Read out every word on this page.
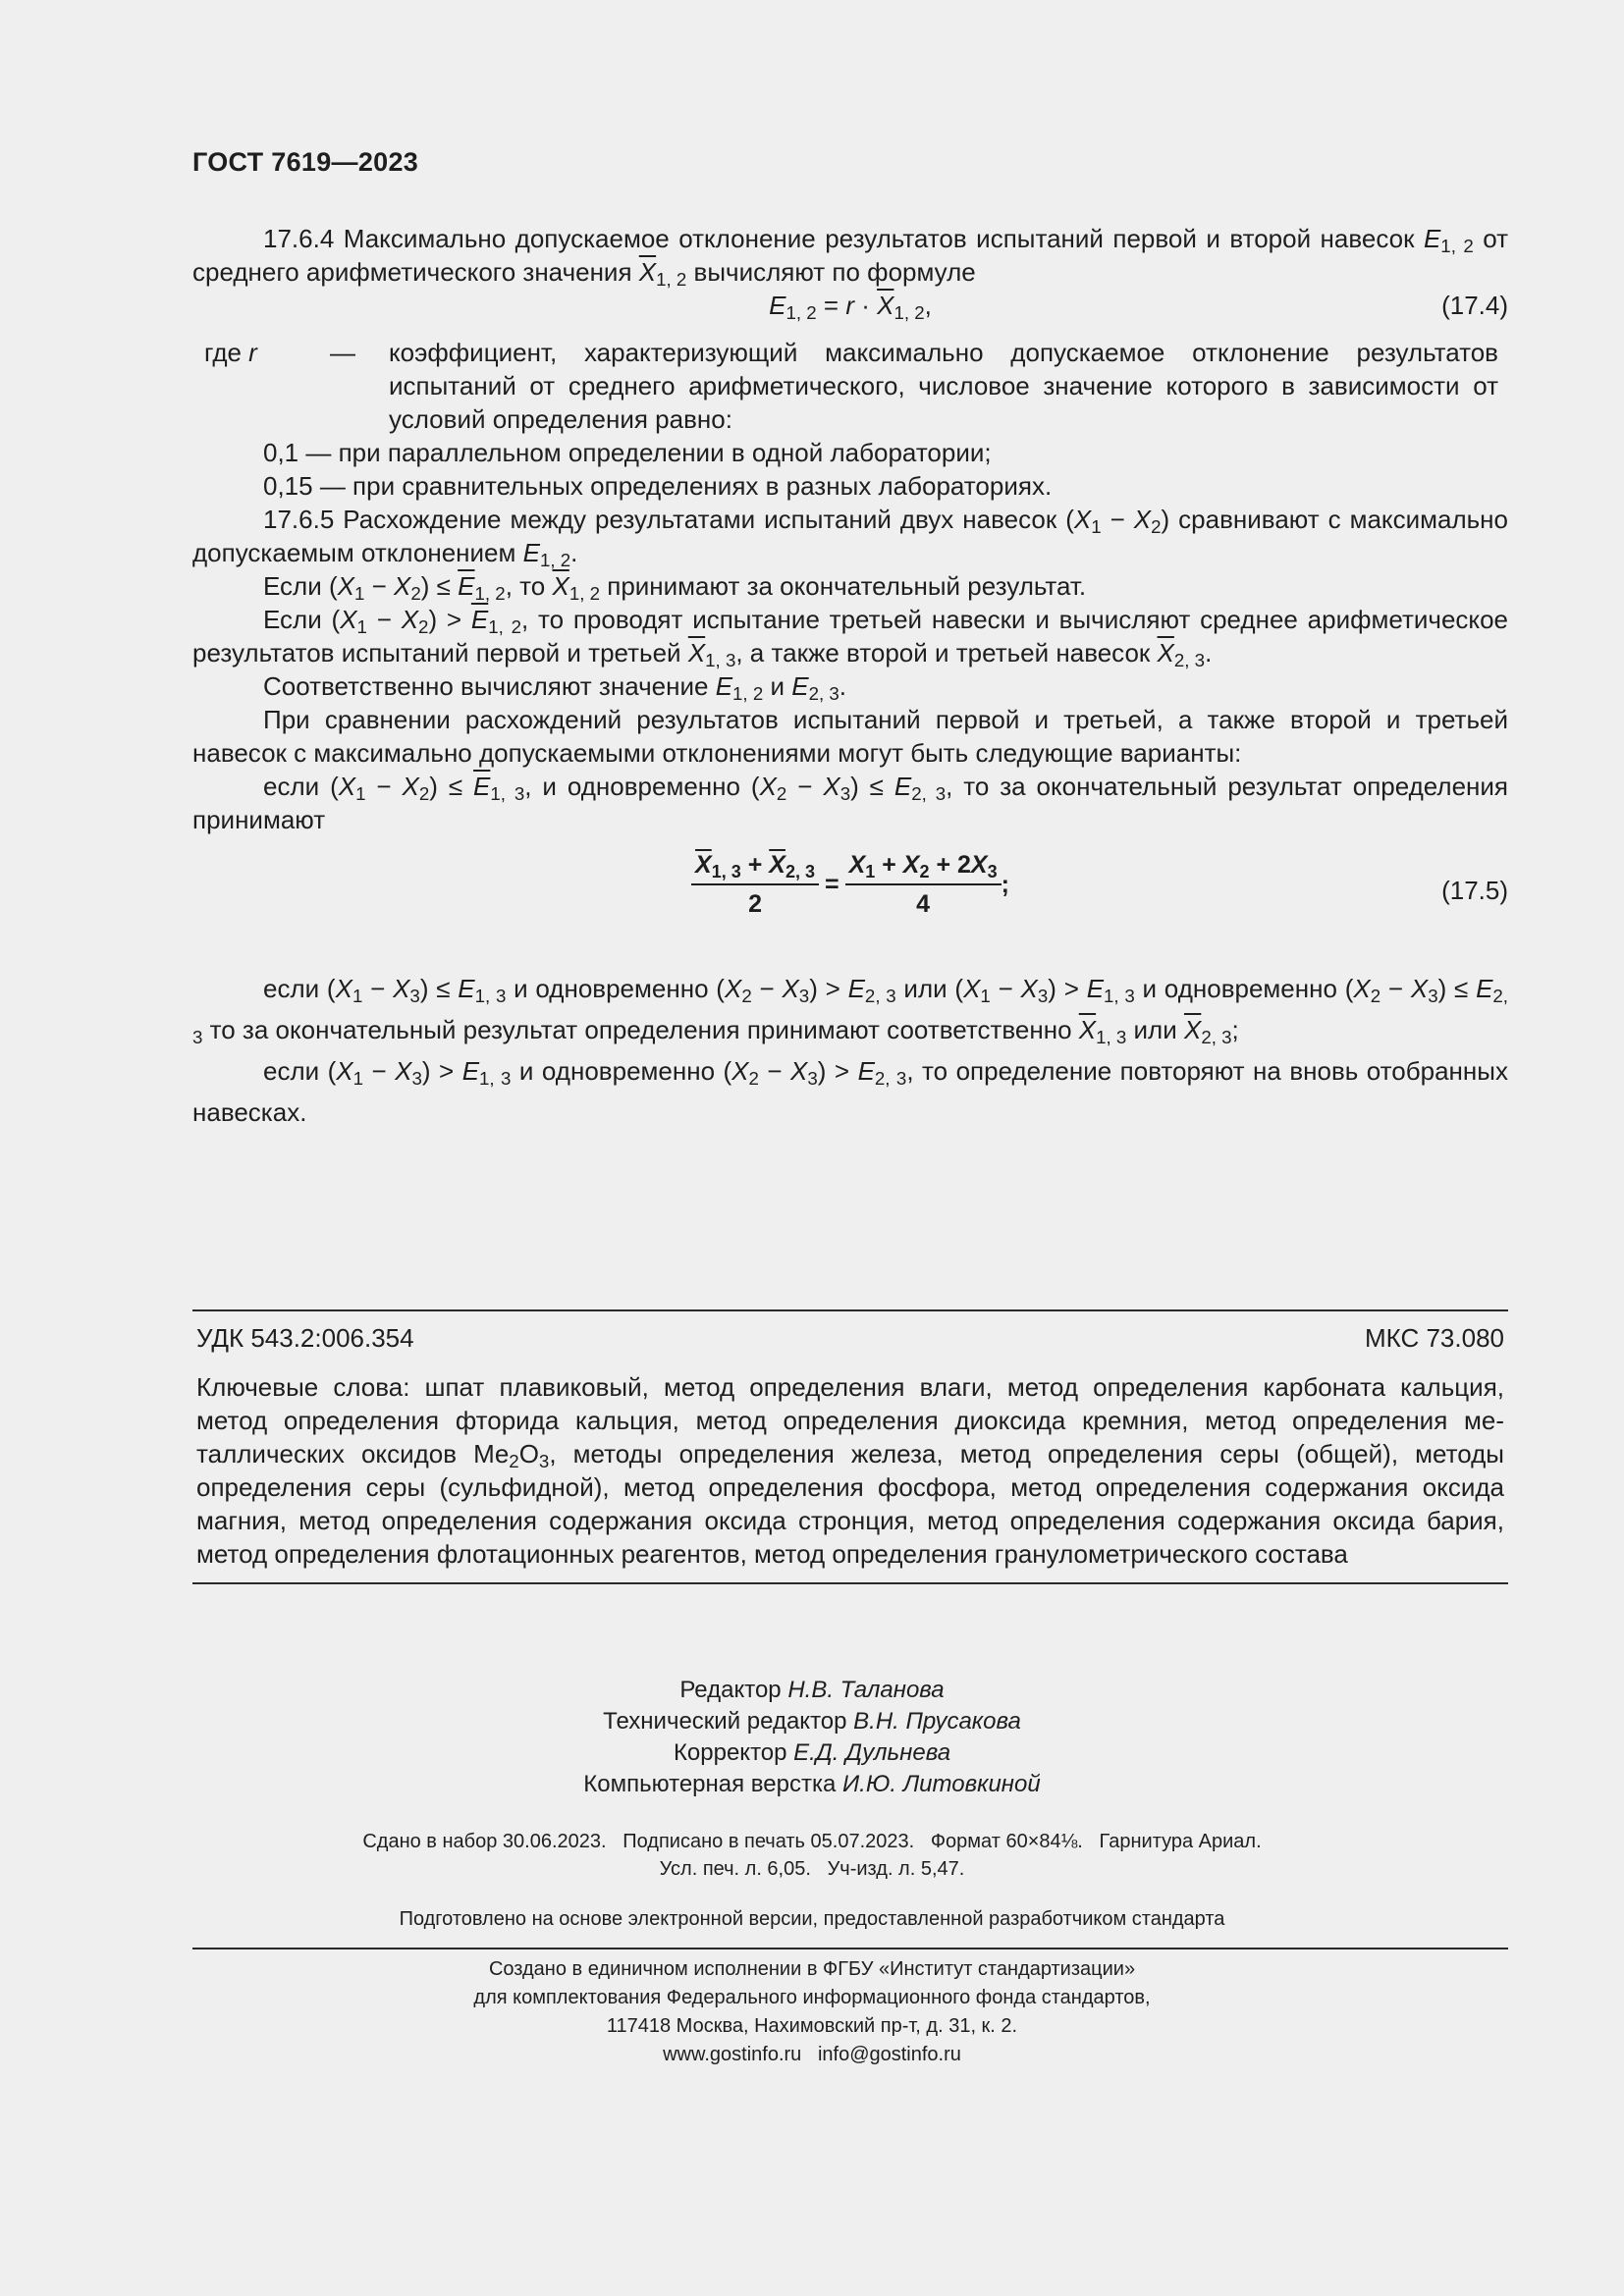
ГОСТ 7619—2023

17.6.4 Максимально допускаемое отклонение результатов испытаний первой и второй навесок $E_{1, 2}$ от среднего арифметического значения $\overline{X}_{1, 2}$ вычисляют по формуле

$E_{1, 2} = r \cdot \overline{X}_{1, 2}$,	(17.4)
где r	—	коэффициент, характеризующий максимально допускаемое отклонение результатов испытаний от среднего арифметического, числовое значение которого в зависимости от условий определения равно:

0,1 — при параллельном определении в одной лаборатории;

0,15 — при сравнительных определениях в разных лабораториях.

17.6.5 Расхождение между результатами испытаний двух навесок $(X_1 - X_2)$ сравнивают с максимально допускаемым отклонением $E_{1, 2}$.

Если $(X_1 - X_2) \le \overline{E}_{1, 2}$, то $\overline{X}_{1, 2}$ принимают за окончательный результат.

Если $(X_1 - X_2) > \overline{E}_{1, 2}$, то проводят испытание третьей навески и вычисляют среднее арифметическое результатов испытаний первой и третьей $\overline{X}_{1, 3}$, а также второй и третьей навесок $\overline{X}_{2, 3}$.

Соответственно вычисляют значение $E_{1, 2}$ и $E_{2, 3}$.

При сравнении расхождений результатов испытаний первой и третьей, а также второй и третьей навесок с максимально допускаемыми отклонениями могут быть следующие варианты:

если $(X_1 - X_2) \le \overline{E}_{1, 3}$, и одновременно $(X_2 - X_3) \le E_{2, 3}$, то за окончательный результат определения принимают

$\frac{\overline{X}_{1, 3} + \overline{X}_{2, 3}}{2} = \frac{X_1 + X_2 + 2X_3}{4}$ ;	(17.5)

если $(X_1 - X_3) \le E_{1, 3}$ и одновременно $(X_2 - X_3) > E_{2, 3}$ или $(X_1 - X_3) > E_{1, 3}$ и одновременно $(X_2 - X_3) \le E_{2, 3}$ то за окончательный результат определения принимают соответственно $\overline{X}_{1, 3}$ или $\overline{X}_{2, 3}$;

если $(X_1 - X_3) > E_{1, 3}$ и одновременно $(X_2 - X_3) > E_{2, 3}$, то определение повторяют на вновь отобранных навесках.

УДК 543.2:006.354	МКС 73.080
Ключевые слова: шпат плавиковый, метод определения влаги, метод определения карбоната кальция, метод определения фторида кальция, метод определения диоксида кремния, метод определения металлических оксидов $Me_2O_3$, методы определения железа, метод определения серы (общей), методы определения серы (сульфидной), метод определения фосфора, метод определения содержания оксида магния, метод определения содержания оксида стронция, метод определения содержания оксида бария, метод определения флотационных реагентов, метод определения гранулометрического состава
Редактор Н.В. Таланова
Технический редактор В.Н. Прусакова
Корректор Е.Д. Дульнева
Компьютерная верстка И.Ю. Литовкиной
Сдано в набор 30.06.2023.   Подписано в печать 05.07.2023.   Формат 60×84⅛.   Гарнитура Ариал.
Усл. печ. л. 6,05.   Уч-изд. л. 5,47.
Подготовлено на основе электронной версии, предоставленной разработчиком стандарта
Создано в единичном исполнении в ФГБУ «Институт стандартизации»
для комплектования Федерального информационного фонда стандартов,
117418 Москва, Нахимовский пр-т, д. 31, к. 2.
www.gostinfo.ru   info@gostinfo.ru
